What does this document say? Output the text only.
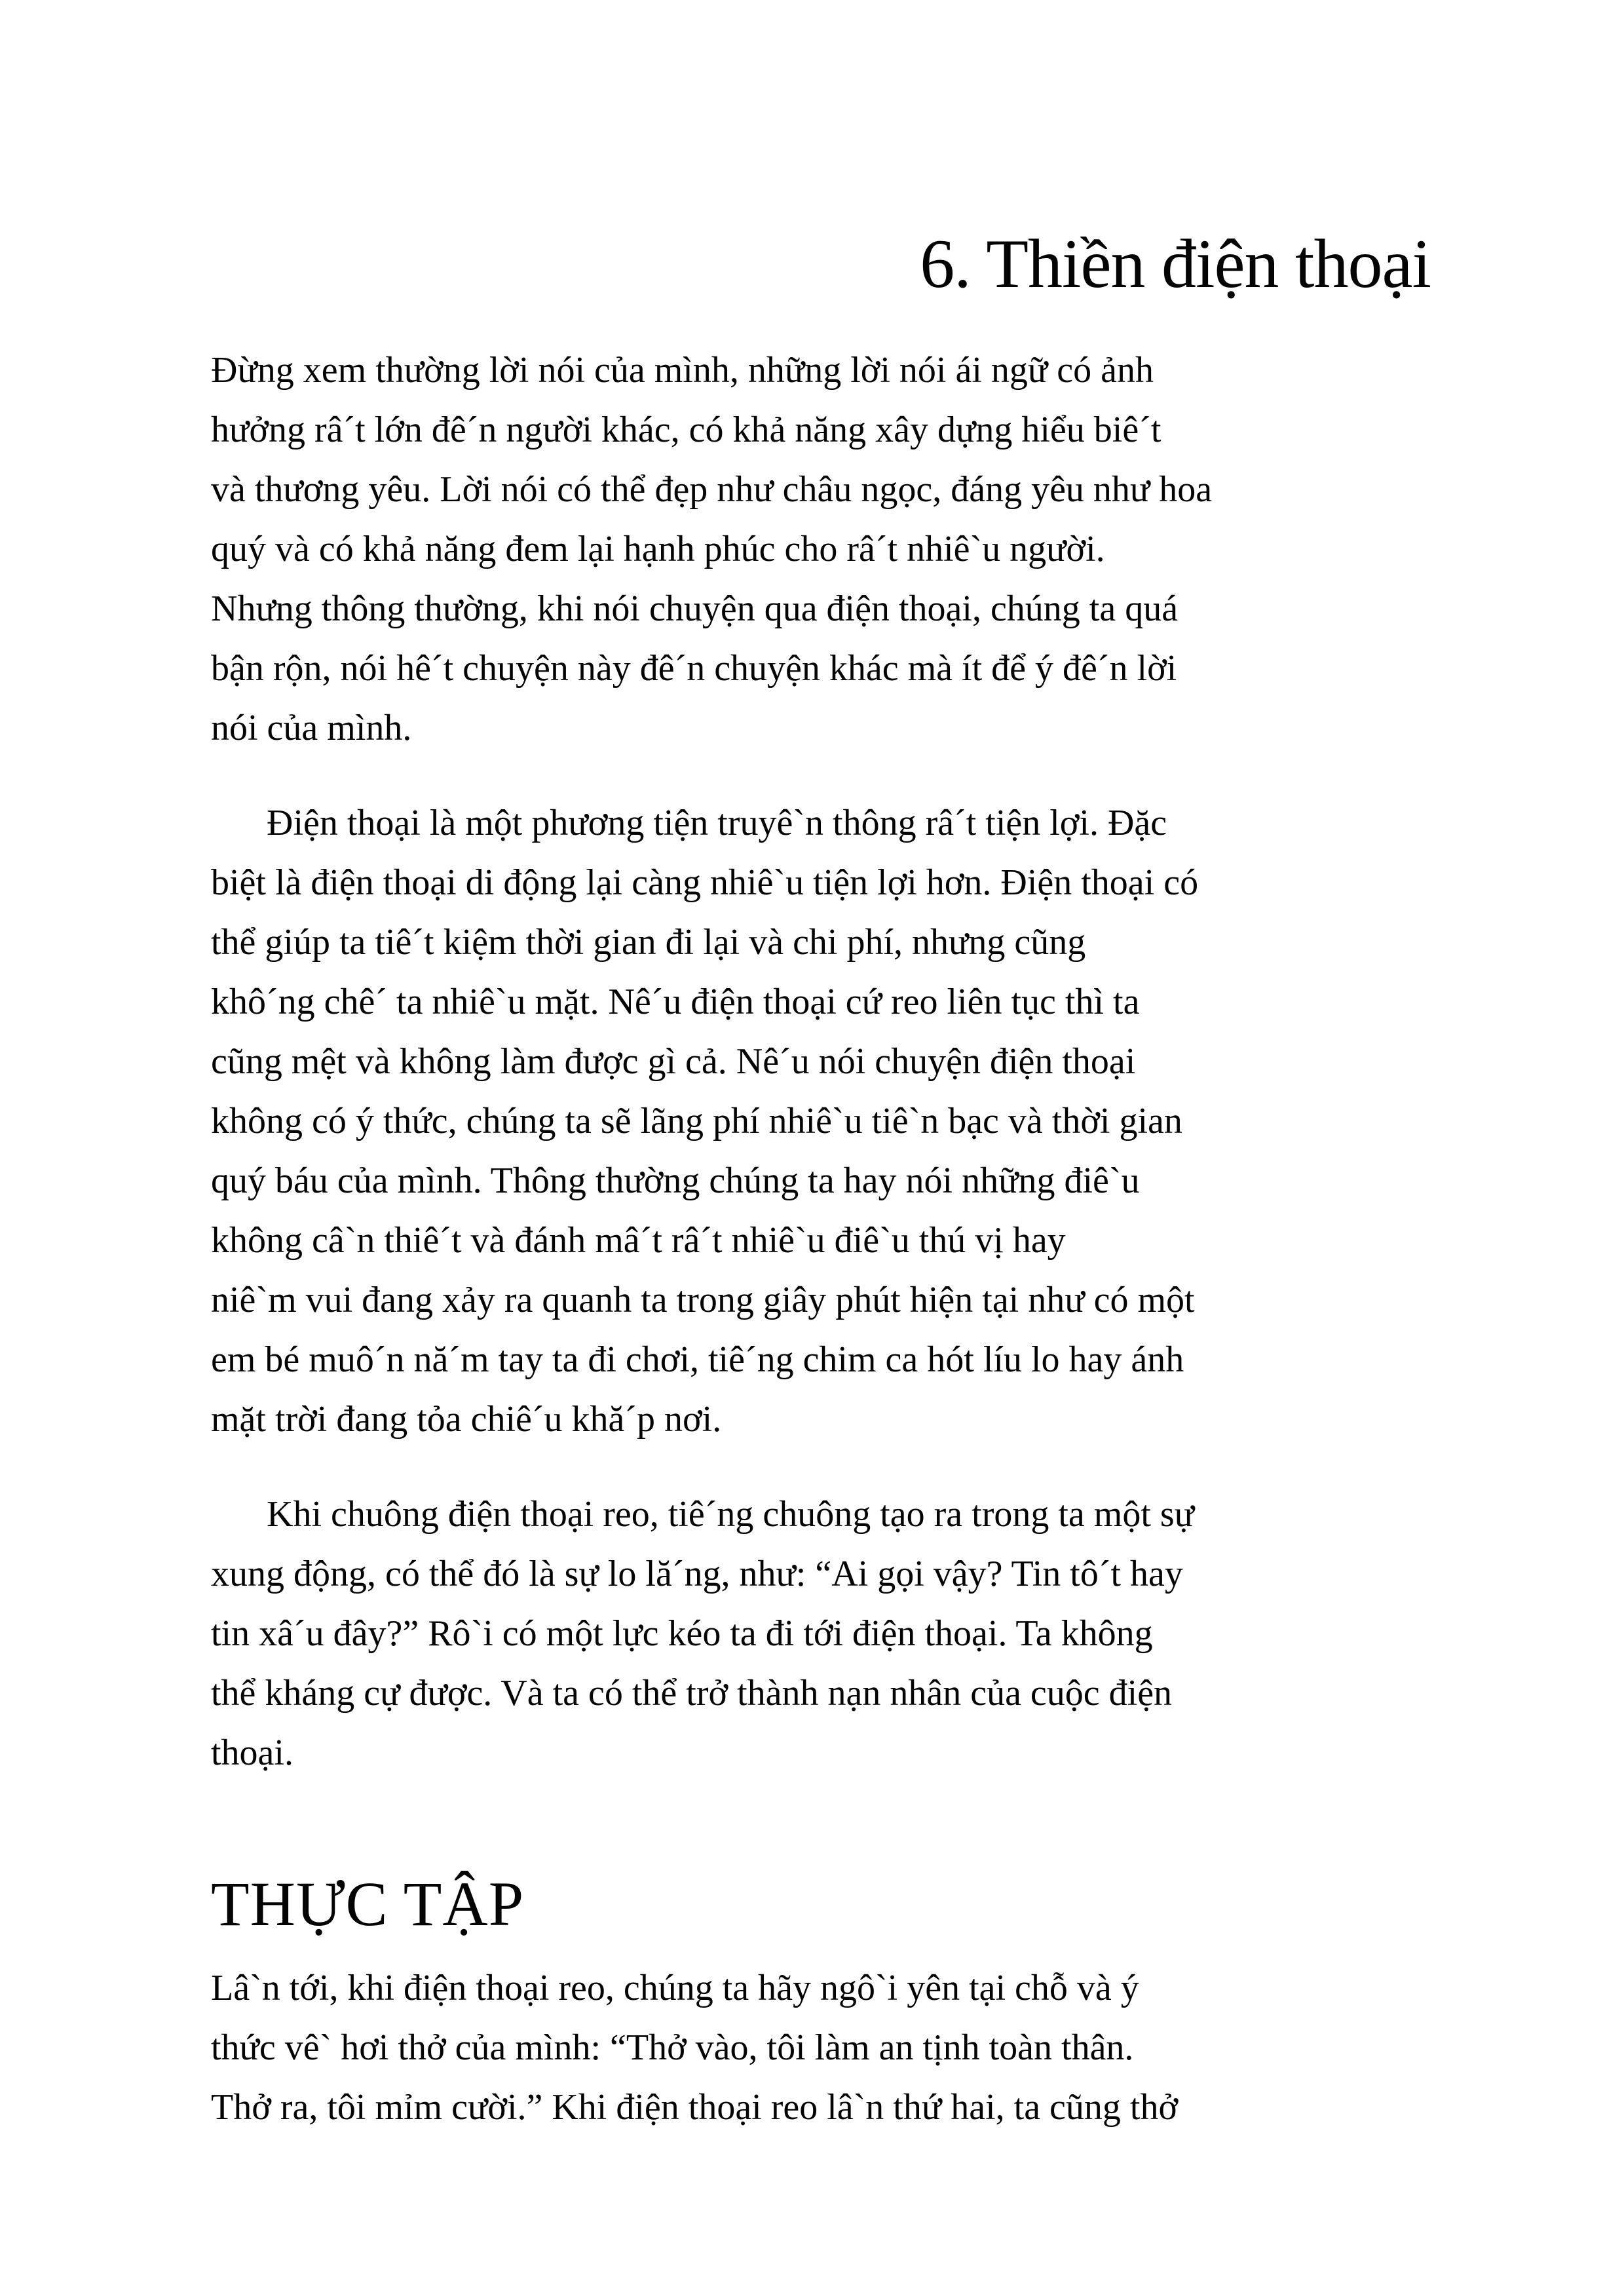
6. Thiền điện thoại

Đừng xem thường lời nói của mình, những lời nói ái ngữ có ảnh
hưởng râ´t lớn đê´n người khác, có khả năng xây dựng hiểu biê´t
và thương yêu. Lời nói có thể đẹp như châu ngọc, đáng yêu như hoa
quý và có khả năng đem lại hạnh phúc cho râ´t nhiê`u người.
Nhưng thông thường, khi nói chuyện qua điện thoại, chúng ta quá
bận rộn, nói hê´t chuyện này đê´n chuyện khác mà ít để ý đê´n lời
nói của mình.

Điện thoại là một phương tiện truyê`n thông râ´t tiện lợi. Đặc
biệt là điện thoại di động lại càng nhiê`u tiện lợi hơn. Điện thoại có
thể giúp ta tiê´t kiệm thời gian đi lại và chi phí, nhưng cũng
khô´ng chê´ ta nhiê`u mặt. Nê´u điện thoại cứ reo liên tục thì ta
cũng mệt và không làm được gì cả. Nê´u nói chuyện điện thoại
không có ý thức, chúng ta sẽ lãng phí nhiê`u tiê`n bạc và thời gian
quý báu của mình. Thông thường chúng ta hay nói những điê`u
không câ`n thiê´t và đánh mâ´t râ´t nhiê`u điê`u thú vị hay
niê`m vui đang xảy ra quanh ta trong giây phút hiện tại như có một
em bé muô´n nă´m tay ta đi chơi, tiê´ng chim ca hót líu lo hay ánh
mặt trời đang tỏa chiê´u khă´p nơi.

Khi chuông điện thoại reo, tiê´ng chuông tạo ra trong ta một sự
xung động, có thể đó là sự lo lă´ng, như: “Ai gọi vậy? Tin tô´t hay
tin xâ´u đây?” Rô`i có một lực kéo ta đi tới điện thoại. Ta không
thể kháng cự được. Và ta có thể trở thành nạn nhân của cuộc điện
thoại.

THỰC TẬP

Lâ`n tới, khi điện thoại reo, chúng ta hãy ngô`i yên tại chỗ và ý
thức vê` hơi thở của mình: “Thở vào, tôi làm an tịnh toàn thân.
Thở ra, tôi mỉm cười.” Khi điện thoại reo lâ`n thứ hai, ta cũng thở
